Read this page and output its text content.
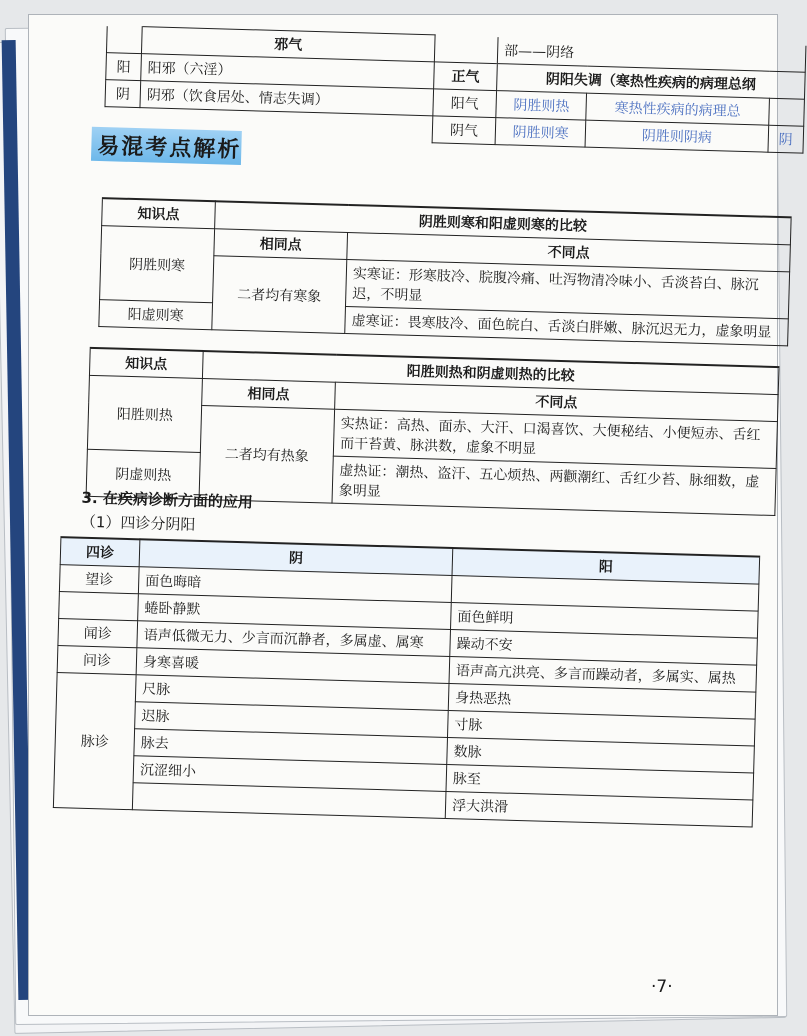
	邪气		部——阴络		
阳	阳邪（六淫）	正气	阴阳失调（寒热性疾病的病理总纲		
阴	阴邪（饮食居处、情志失调）	阳气	阴胜则热	寒热性疾病的病理总	
		阴气	阴胜则寒	阴胜则阴病	阴
易混考点解析
知识点	阴胜则寒和阳虚则寒的比较	
阴胜则寒	相同点	不同点
	二者均有寒象	实寒证：形寒肢冷、脘腹冷痛、吐泻物清冷味小、舌淡苔白、脉沉迟，不明显
阳虚则寒		虚寒证：畏寒肢冷、面色皖白、舌淡白胖嫩、脉沉迟无力，虚象明显
知识点	阳胜则热和阴虚则热的比较	
阳胜则热	相同点	不同点
	二者均有热象	实热证：高热、面赤、大汗、口渴喜饮、大便秘结、小便短赤、舌红而干苔黄、脉洪数，虚象不明显
阴虚则热		虚热证：潮热、盗汗、五心烦热、两颧潮红、舌红少苔、脉细数，虚象明显
3. 在疾病诊断方面的应用
（1）四诊分阴阳
四诊	阴	阳
望诊	面色晦暗	
	蜷卧静默	面色鲜明
闻诊	语声低微无力、少言而沉静者，多属虚、属寒	躁动不安
问诊	身寒喜暖	语声高亢洪亮、多言而躁动者，多属实、属热
脉诊	尺脉	身热恶热
	迟脉	寸脉
	脉去	数脉
	沉涩细小	脉至
		浮大洪滑
·7·
